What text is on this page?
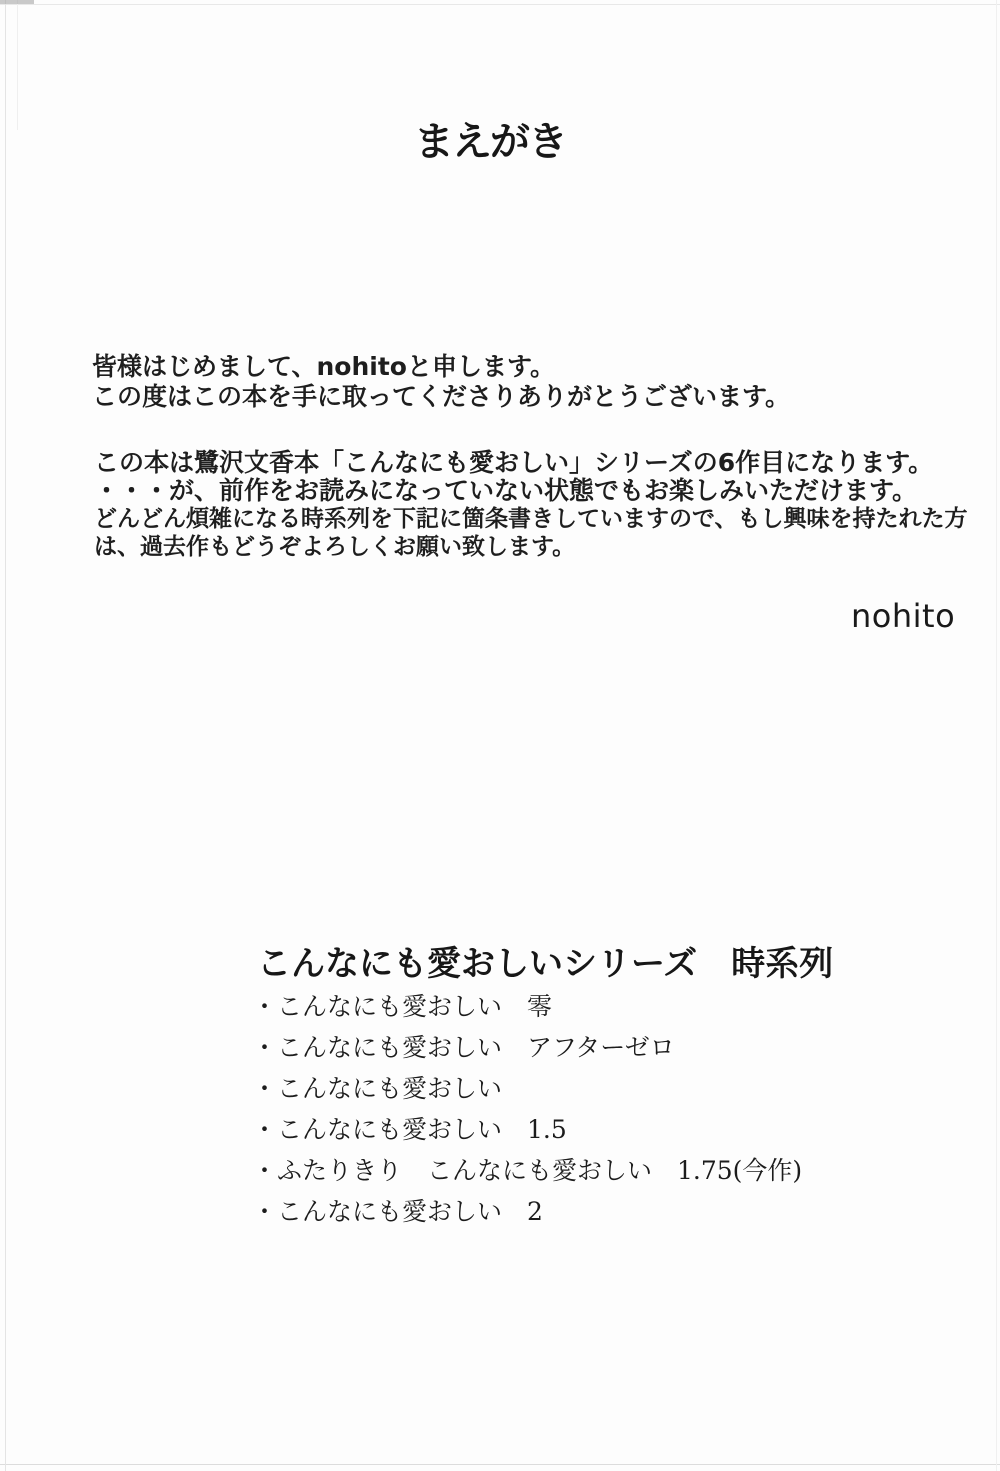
まえがき
皆様はじめまして、nohitoと申します。
この度はこの本を手に取ってくださりありがとうございます。
この本は鷺沢文香本「こんなにも愛おしい」シリーズの6作目になります。
・・・が、前作をお読みになっていない状態でもお楽しみいただけます。
どんどん煩雑になる時系列を下記に箇条書きしていますので、もし興味を持たれた方
は、過去作もどうぞよろしくお願い致します。
nohito
こんなにも愛おしいシリーズ　時系列
・こんなにも愛おしい　零
・こんなにも愛おしい　アフターゼロ
・こんなにも愛おしい
・こんなにも愛おしい　1.5
・ふたりきり　こんなにも愛おしい　1.75(今作)
・こんなにも愛おしい　2
